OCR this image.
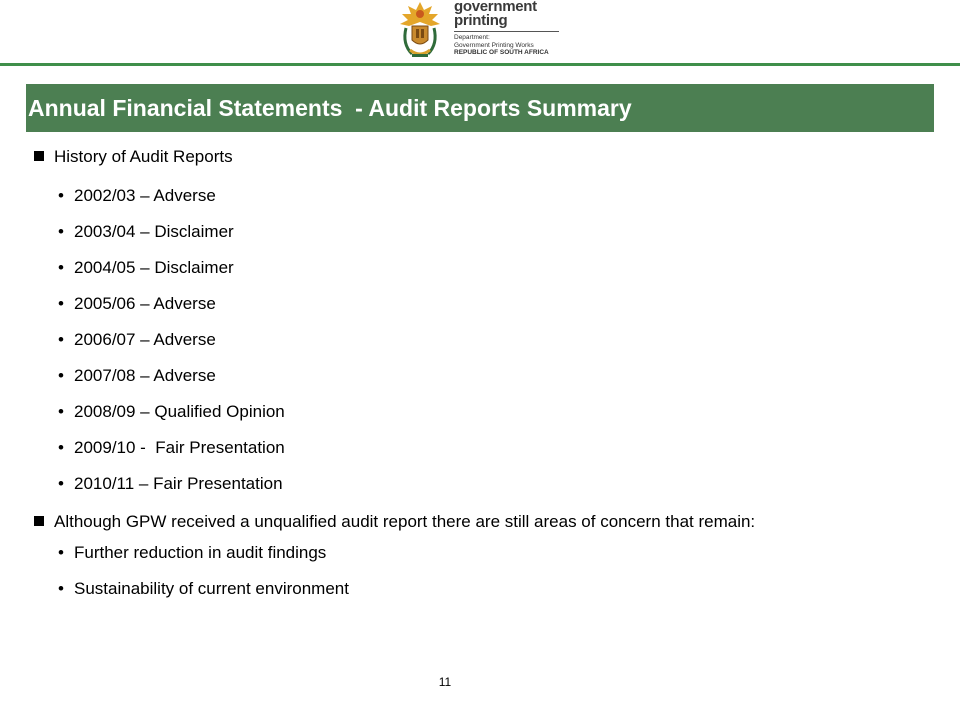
government
printing
Department:
Government Printing Works
REPUBLIC OF SOUTH AFRICA
Annual Financial Statements  - Audit Reports Summary
History of Audit Reports
• 2002/03 – Adverse
• 2003/04 – Disclaimer
• 2004/05 – Disclaimer
• 2005/06 – Adverse
• 2006/07 – Adverse
• 2007/08 – Adverse
• 2008/09 – Qualified Opinion
• 2009/10 -  Fair Presentation
• 2010/11 – Fair Presentation
Although GPW received a unqualified audit report there are still areas of concern that remain:
• Further reduction in audit findings
• Sustainability of current environment
11
